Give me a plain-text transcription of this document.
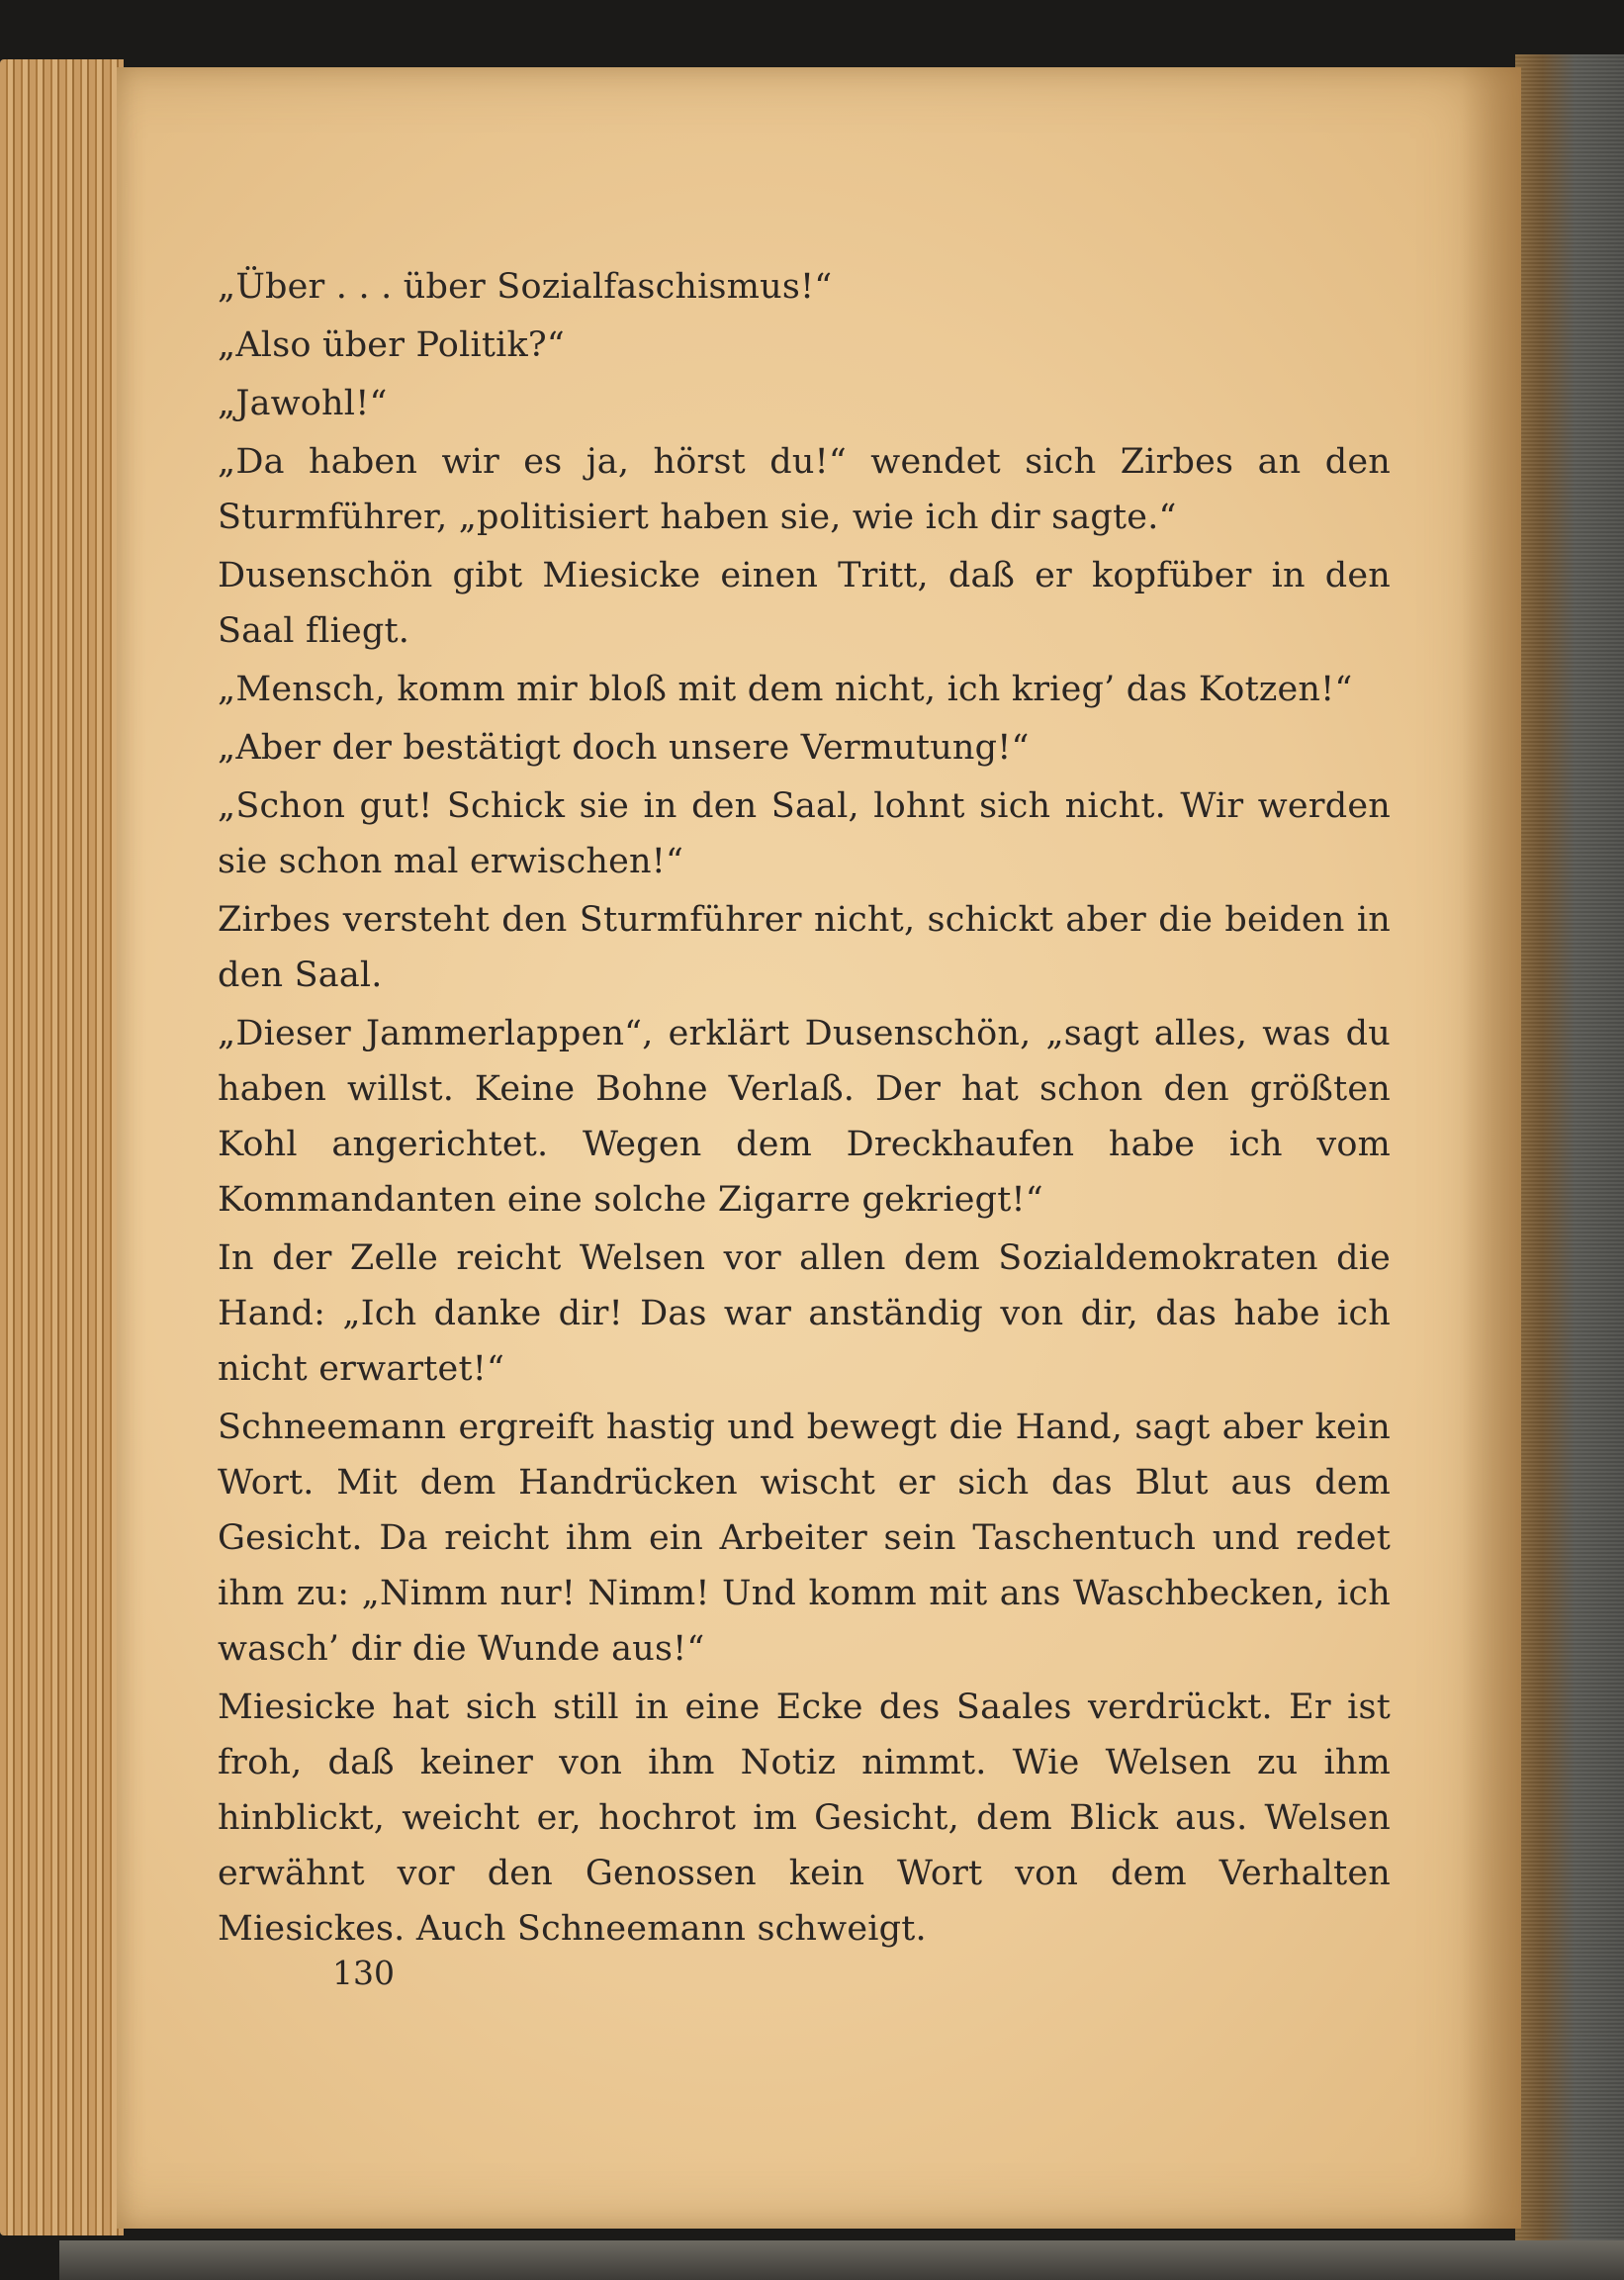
„Über . . . über Sozialfaschismus!“

„Also über Politik?“

„Jawohl!“

„Da haben wir es ja, hörst du!“ wendet sich Zirbes an den Sturmführer, „politisiert haben sie, wie ich dir sagte.“

Dusenschön gibt Miesicke einen Tritt, daß er kopfüber in den Saal fliegt.

„Mensch, komm mir bloß mit dem nicht, ich krieg’ das Kotzen!“

„Aber der bestätigt doch unsere Vermutung!“

„Schon gut! Schick sie in den Saal, lohnt sich nicht. Wir werden sie schon mal erwischen!“

Zirbes versteht den Sturmführer nicht, schickt aber die beiden in den Saal.

„Dieser Jammerlappen“, erklärt Dusenschön, „sagt alles, was du haben willst. Keine Bohne Verlaß. Der hat schon den größten Kohl angerichtet. Wegen dem Dreckhaufen habe ich vom Kommandanten eine solche Zigarre gekriegt!“

In der Zelle reicht Welsen vor allen dem Sozialdemokraten die Hand: „Ich danke dir! Das war anständig von dir, das habe ich nicht erwartet!“

Schneemann ergreift hastig und bewegt die Hand, sagt aber kein Wort. Mit dem Handrücken wischt er sich das Blut aus dem Gesicht. Da reicht ihm ein Arbeiter sein Taschentuch und redet ihm zu: „Nimm nur! Nimm! Und komm mit ans Waschbecken, ich wasch’ dir die Wunde aus!“

Miesicke hat sich still in eine Ecke des Saales verdrückt. Er ist froh, daß keiner von ihm Notiz nimmt. Wie Welsen zu ihm hinblickt, weicht er, hochrot im Gesicht, dem Blick aus. Welsen erwähnt vor den Genossen kein Wort von dem Verhalten Miesickes. Auch Schneemann schweigt.

130
